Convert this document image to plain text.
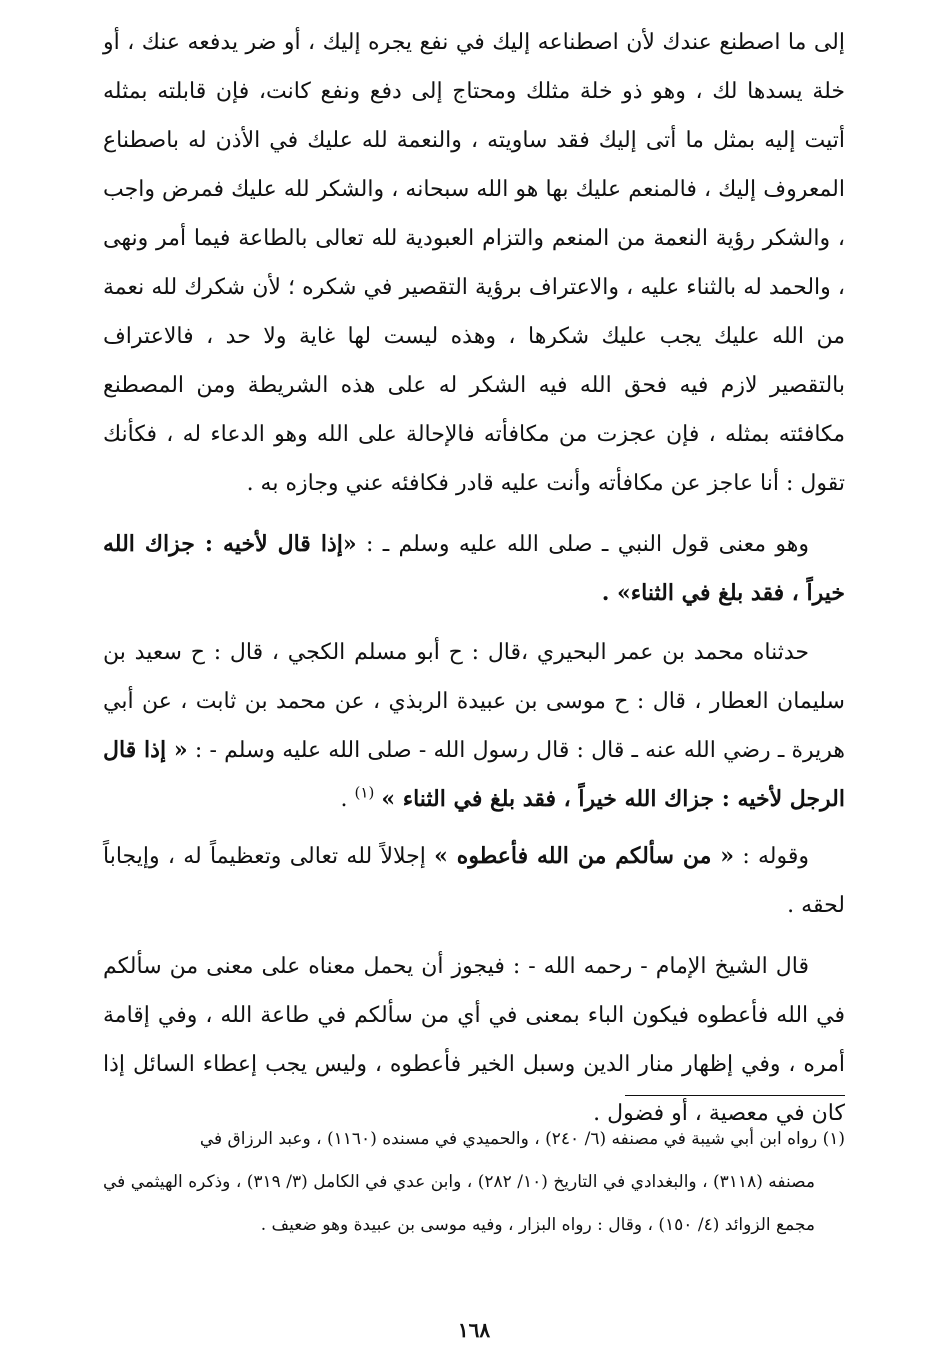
إلى ما اصطنع عندك لأن اصطناعه إليك في نفع يجره إليك ، أو ضر يدفعه عنك ، أو خلة يسدها لك ، وهو ذو خلة مثلك ومحتاج إلى دفع ونفع كانت، فإن قابلته بمثله أتيت إليه بمثل ما أتى إليك فقد ساويته ، والنعمة لله عليك في الأذن له باصطناع المعروف إليك ، فالمنعم عليك بها هو الله سبحانه ، والشكر لله عليك فمرض واجب ، والشكر رؤية النعمة من المنعم والتزام العبودية لله تعالى بالطاعة فيما أمر ونهى ، والحمد له بالثناء عليه ، والاعتراف برؤية التقصير في شكره ؛ لأن شكرك لله نعمة من الله عليك يجب عليك شكرها ، وهذه ليست لها غاية ولا حد ، فالاعتراف بالتقصير لازم فيه فحق الله فيه الشكر له على هذه الشريطة ومن المصطنع مكافئته بمثله ، فإن عجزت من مكافأته فالإحالة على الله وهو الدعاء له ، فكأنك تقول : أنا عاجز عن مكافأته وأنت عليه قادر فكافئه عني وجازه به .

وهو معنى قول النبي ـ صلى الله عليه وسلم ـ : «إذا قال لأخيه : جزاك الله خيراً ، فقد بلغ في الثناء» .

حدثناه محمد بن عمر البحيري ،قال : ح أبو مسلم الكجي ، قال : ح سعيد بن سليمان العطار ، قال : ح موسى بن عبيدة الربذي ، عن محمد بن ثابت ، عن أبي هريرة ـ رضي الله عنه ـ قال : قال رسول الله - صلى الله عليه وسلم - : « إذا قال الرجل لأخيه : جزاك الله خيراً ، فقد بلغ في الثناء » $^{(١)}$ .

وقوله : « من سألكم من الله فأعطوه » إجلالاً لله تعالى وتعظيماً له ، وإيجاباً لحقه .

قال الشيخ الإمام - رحمه الله - : فيجوز أن يحمل معناه على معنى من سألكم في الله فأعطوه فيكون الباء بمعنى في أي من سألكم في طاعة الله ، وفي إقامة أمره ، وفي إظهار منار الدين وسبل الخير فأعطوه ، وليس يجب إعطاء السائل إذا كان في معصية ، أو فضول .

(١) رواه ابن أبي شيبة في مصنفه (٦/ ٢٤٠) ، والحميدي في مسنده (١١٦٠) ، وعبد الرزاق في
مصنفه (٣١١٨) ، والبغدادي في التاريخ (١٠/ ٢٨٢) ، وابن عدي في الكامل (٣/ ٣١٩) ، وذكره الهيثمي في مجمع الزوائد (٤/ ١٥٠) ، وقال : رواه البزار ، وفيه موسى بن عبيدة وهو ضعيف .
١٦٨
